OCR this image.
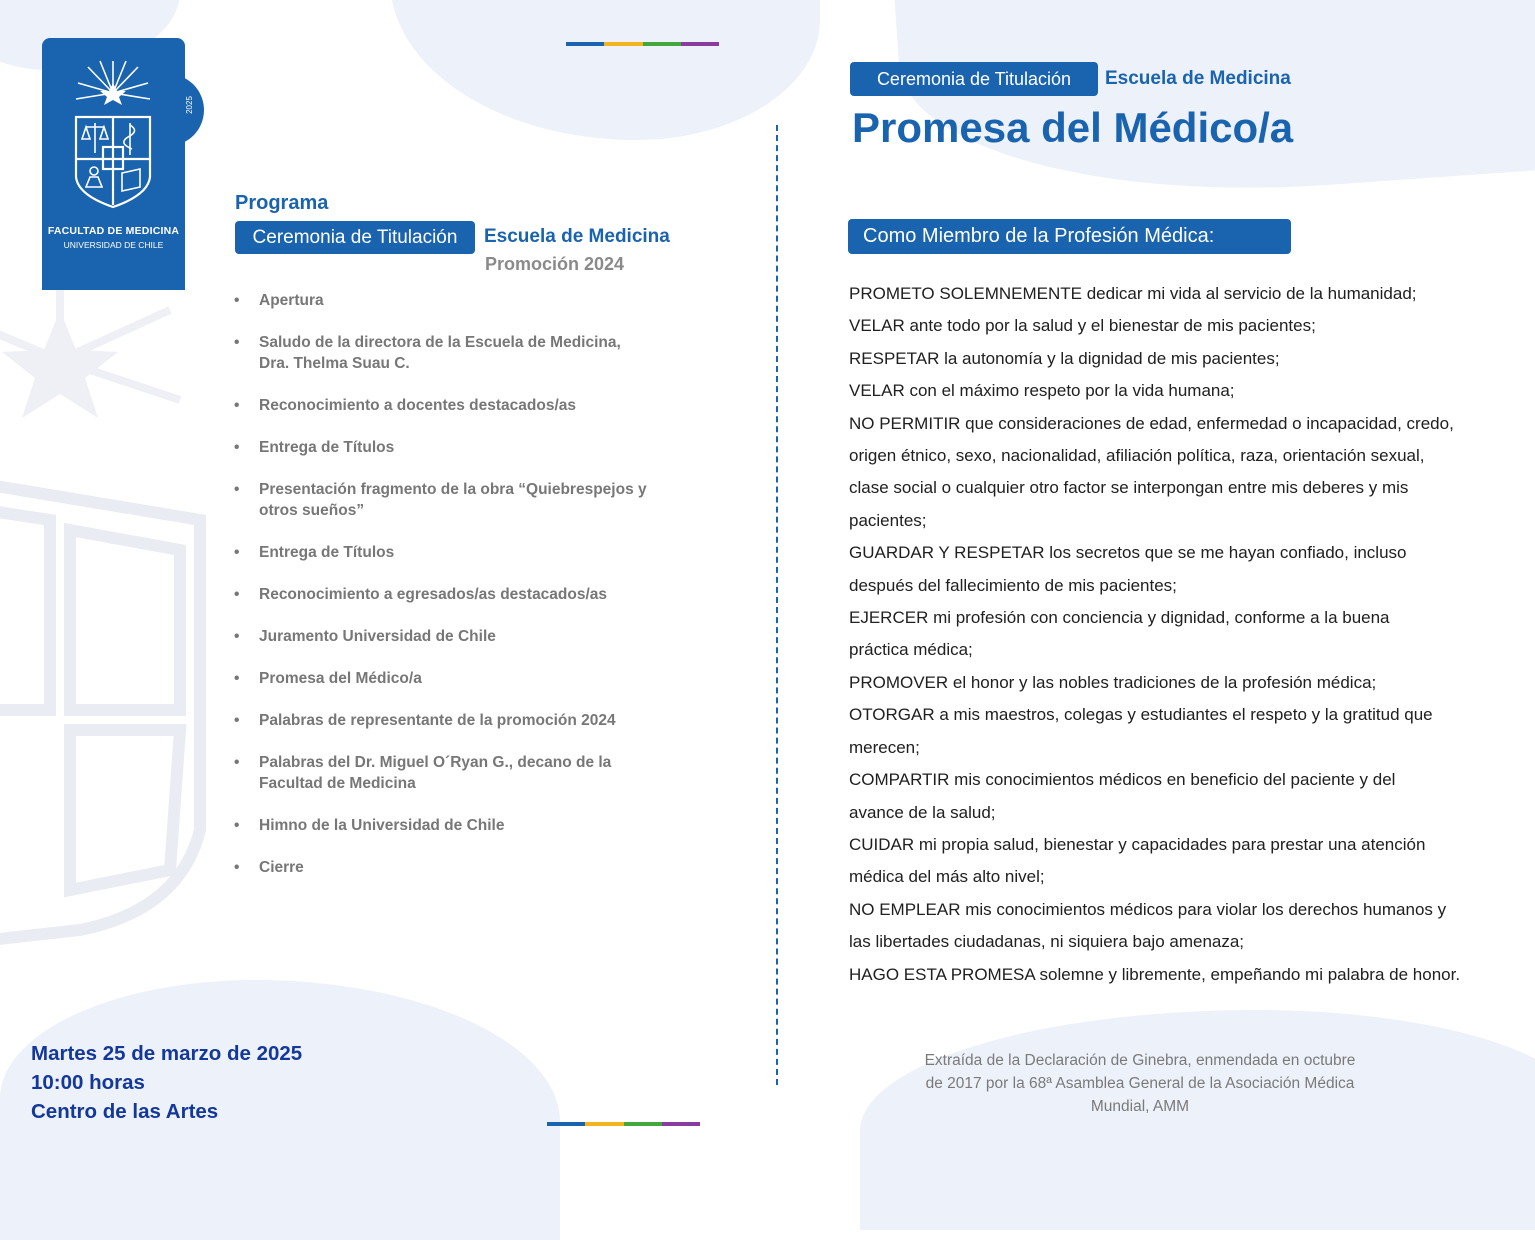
2025
FACULTAD DE MEDICINA
UNIVERSIDAD DE CHILE
Programa
Ceremonia de Titulación	Escuela de Medicina
Promoción 2024
• Apertura
• Saludo de la directora de la Escuela de Medicina,
Dra. Thelma Suau C.
• Reconocimiento a docentes destacados/as
• Entrega de Títulos
• Presentación fragmento de la obra “Quiebrespejos y
otros sueños”
• Entrega de Títulos
• Reconocimiento a egresados/as destacados/as
• Juramento Universidad de Chile
• Promesa del Médico/a
• Palabras de representante de la promoción 2024
• Palabras del Dr. Miguel O´Ryan G., decano de la
Facultad de Medicina
• Himno de la Universidad de Chile
• Cierre
Martes 25 de marzo de 2025
10:00 horas
Centro de las Artes
Ceremonia de Titulación	Escuela de Medicina
Promesa del Médico/a
Como Miembro de la Profesión Médica:

PROMETO SOLEMNEMENTE dedicar mi vida al servicio de la humanidad;

VELAR ante todo por la salud y el bienestar de mis pacientes;

RESPETAR la autonomía y la dignidad de mis pacientes;

VELAR con el máximo respeto por la vida humana;

NO PERMITIR que consideraciones de edad, enfermedad o incapacidad, credo,

origen étnico, sexo, nacionalidad, afiliación política, raza, orientación sexual,

clase social o cualquier otro factor se interpongan entre mis deberes y mis

pacientes;

GUARDAR Y RESPETAR los secretos que se me hayan confiado, incluso

después del fallecimiento de mis pacientes;

EJERCER mi profesión con conciencia y dignidad, conforme a la buena

práctica médica;

PROMOVER el honor y las nobles tradiciones de la profesión médica;

OTORGAR a mis maestros, colegas y estudiantes el respeto y la gratitud que

merecen;

COMPARTIR mis conocimientos médicos en beneficio del paciente y del

avance de la salud;

CUIDAR mi propia salud, bienestar y capacidades para prestar una atención

médica del más alto nivel;

NO EMPLEAR mis conocimientos médicos para violar los derechos humanos y

las libertades ciudadanas, ni siquiera bajo amenaza;

HAGO ESTA PROMESA solemne y libremente, empeñando mi palabra de honor.

Extraída de la Declaración de Ginebra, enmendada en octubre
de 2017 por la 68ª Asamblea General de la Asociación Médica
Mundial, AMM
